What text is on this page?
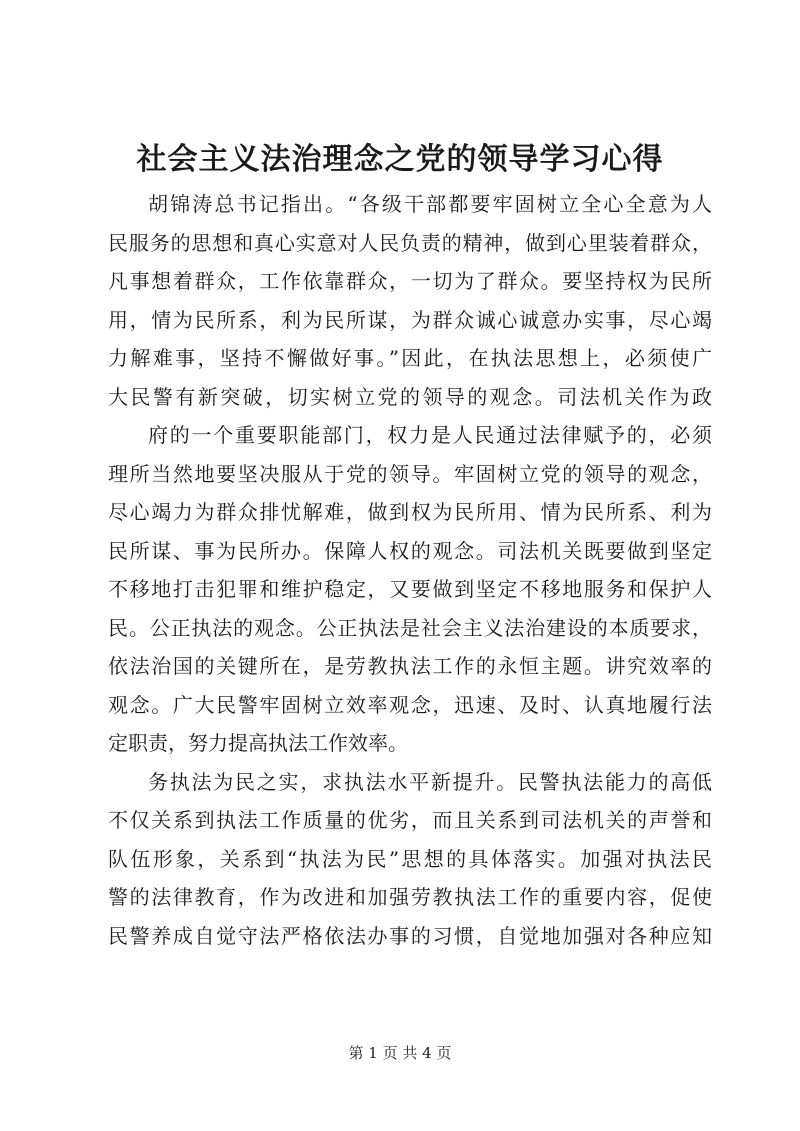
社会主义法治理念之党的领导学习心得
胡锦涛总书记指出。“各级干部都要牢固树立全心全意为人
民服务的思想和真心实意对人民负责的精神，做到心里装着群众，
凡事想着群众，工作依靠群众，一切为了群众。要坚持权为民所
用，情为民所系，利为民所谋，为群众诚心诚意办实事，尽心竭
力解难事，坚持不懈做好事。”因此，在执法思想上，必须使广
大民警有新突破，切实树立党的领导的观念。司法机关作为政
府的一个重要职能部门，权力是人民通过法律赋予的，必须
理所当然地要坚决服从于党的领导。牢固树立党的领导的观念，
尽心竭力为群众排忧解难，做到权为民所用、情为民所系、利为
民所谋、事为民所办。保障人权的观念。司法机关既要做到坚定
不移地打击犯罪和维护稳定，又要做到坚定不移地服务和保护人
民。公正执法的观念。公正执法是社会主义法治建设的本质要求，
依法治国的关键所在，是劳教执法工作的永恒主题。讲究效率的
观念。广大民警牢固树立效率观念，迅速、及时、认真地履行法
定职责，努力提高执法工作效率。
务执法为民之实，求执法水平新提升。民警执法能力的高低
不仅关系到执法工作质量的优劣，而且关系到司法机关的声誉和
队伍形象，关系到“执法为民”思想的具体落实。加强对执法民
警的法律教育，作为改进和加强劳教执法工作的重要内容，促使
民警养成自觉守法严格依法办事的习惯，自觉地加强对各种应知
第 1 页 共 4 页
